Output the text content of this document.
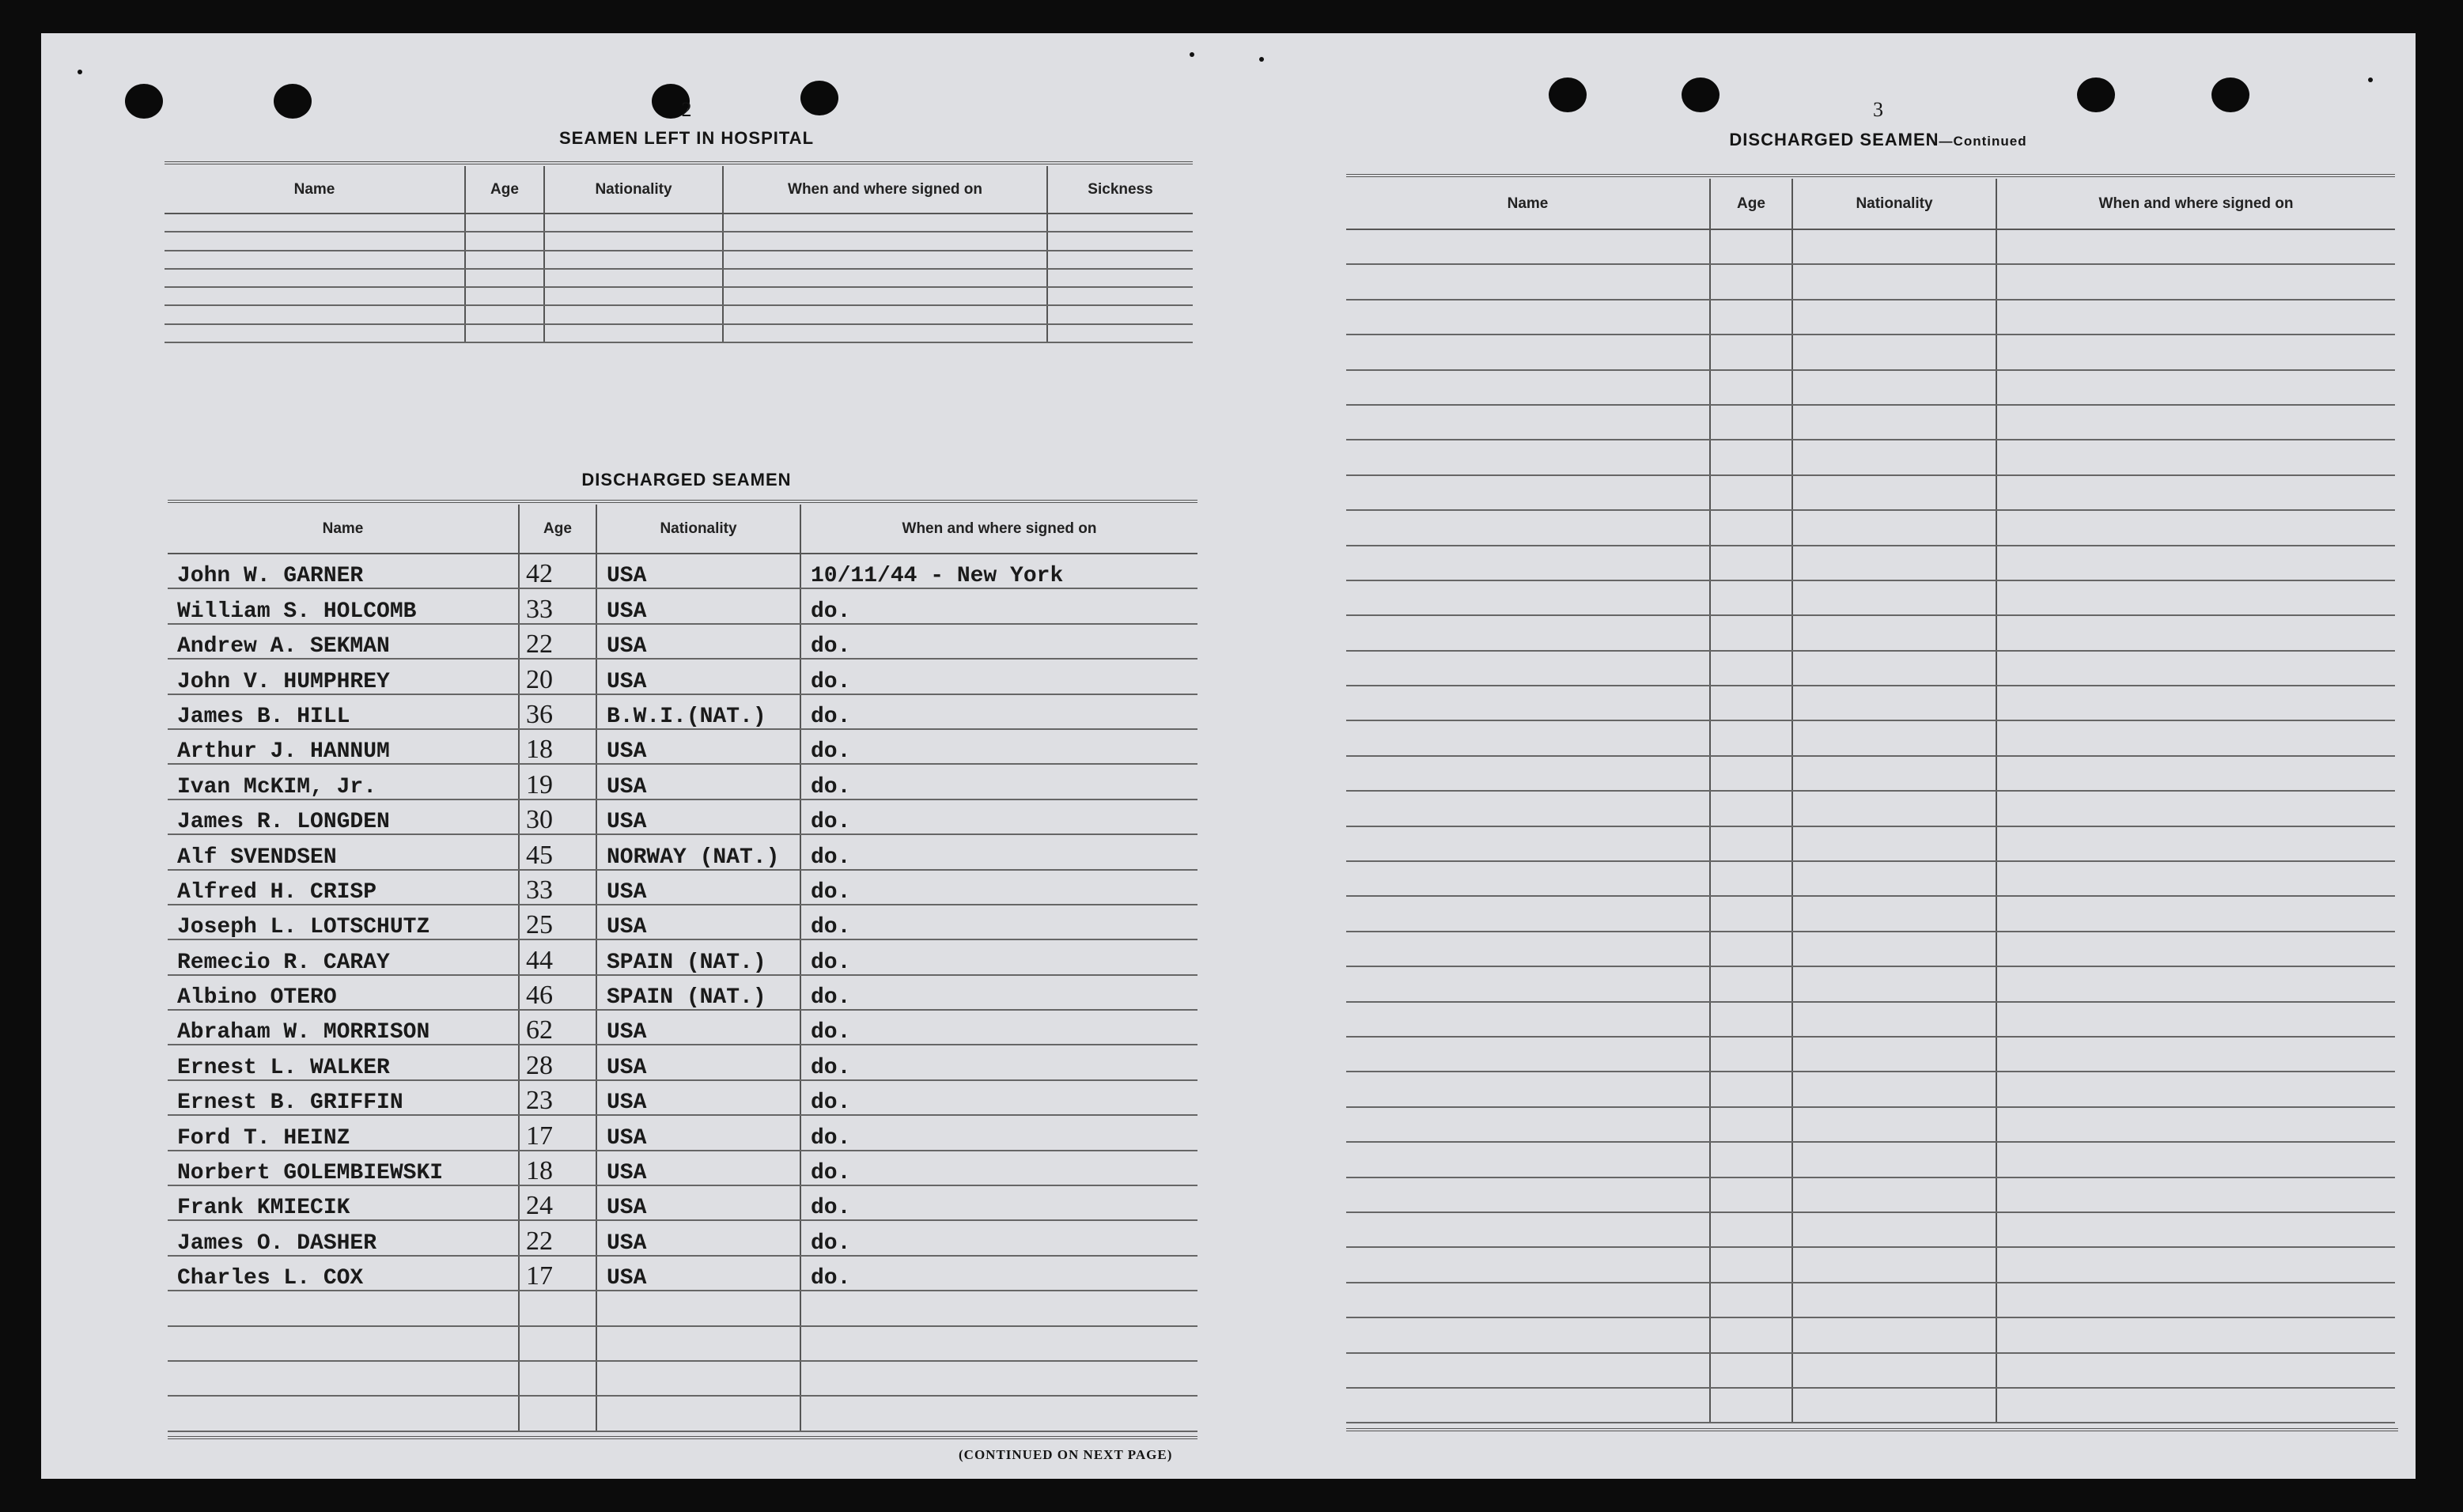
2
SEAMEN LEFT IN HOSPITAL
Name	Age	Nationality	When and where signed on	Sickness

DISCHARGED SEAMEN
Name	Age	Nationality	When and where signed on
John W. GARNER	42	USA	10/11/44 - New York
William S. HOLCOMB	33	USA	do.
Andrew A. SEKMAN	22	USA	do.
John V. HUMPHREY	20	USA	do.
James B. HILL	36	B.W.I.(NAT.)	do.
Arthur J. HANNUM	18	USA	do.
Ivan McKIM, Jr.	19	USA	do.
James R. LONGDEN	30	USA	do.
Alf SVENDSEN	45	NORWAY (NAT.)	do.
Alfred H. CRISP	33	USA	do.
Joseph L. LOTSCHUTZ	25	USA	do.
Remecio R. CARAY	44	SPAIN (NAT.)	do.
Albino OTERO	46	SPAIN (NAT.)	do.
Abraham W. MORRISON	62	USA	do.
Ernest L. WALKER	28	USA	do.
Ernest B. GRIFFIN	23	USA	do.
Ford T. HEINZ	17	USA	do.
Norbert GOLEMBIEWSKI	18	USA	do.
Frank KMIECIK	24	USA	do.
James O. DASHER	22	USA	do.
Charles L. COX	17	USA	do.

(CONTINUED ON NEXT PAGE)
3
DISCHARGED SEAMEN—Continued
Name	Age	Nationality	When and where signed on
